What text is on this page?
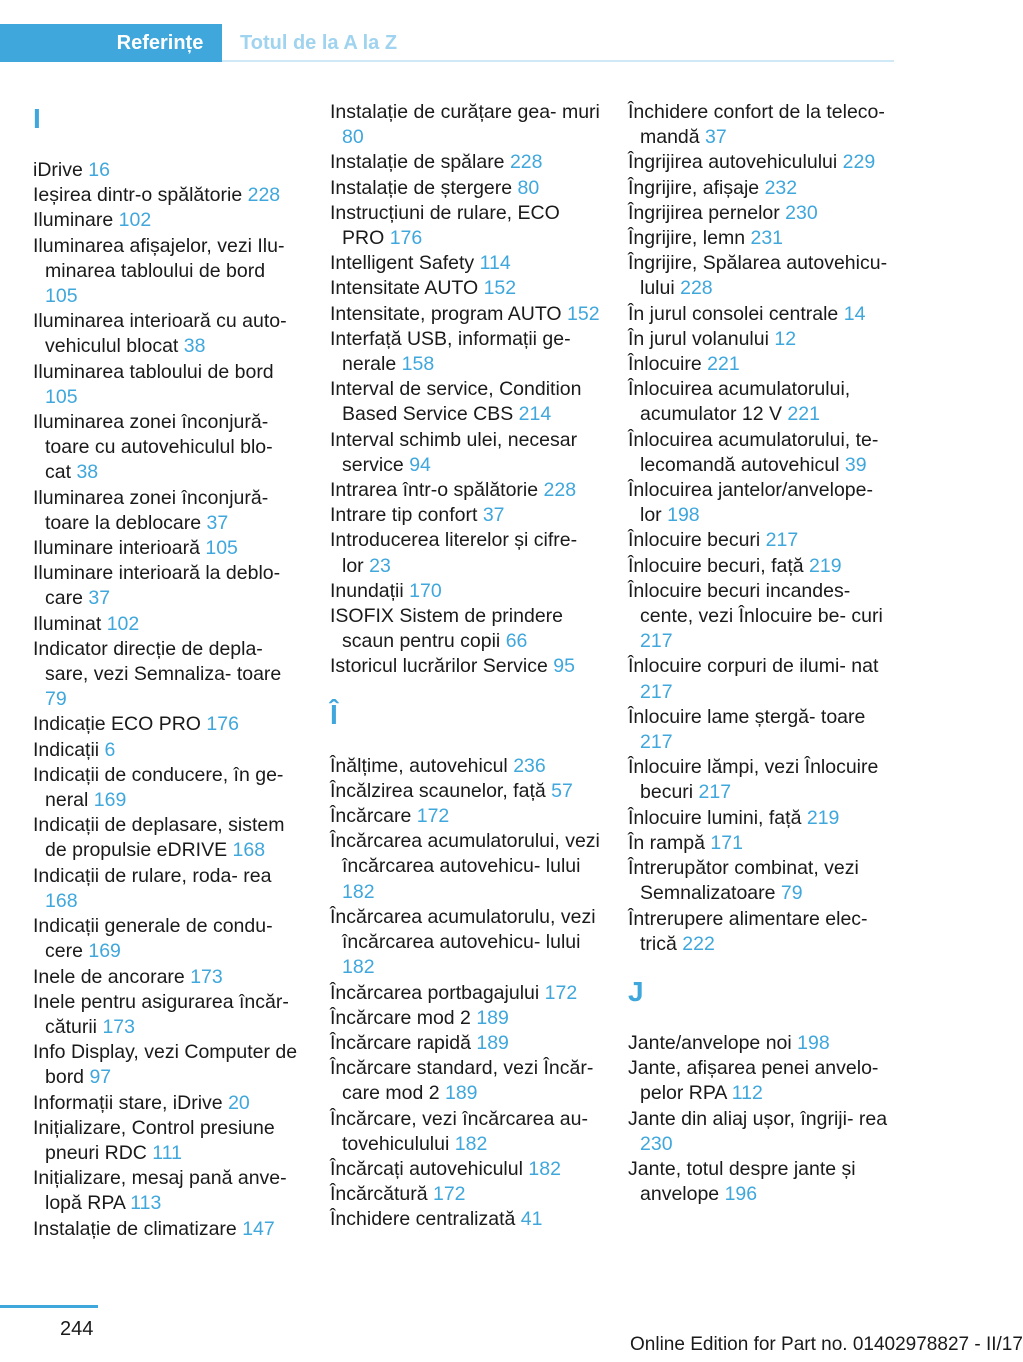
Referințe	Totul de la A la Z
I
iDrive 16
Ieșirea dintr-o spălătorie 228
Iluminare 102
Iluminarea afișajelor, vezi Ilu‐ minarea tabloului de bord 105
Iluminarea interioară cu auto‐ vehiculul blocat 38
Iluminarea tabloului de bord 105
Iluminarea zonei înconjură‐ toare cu autovehiculul blo‐ cat 38
Iluminarea zonei înconjură‐ toare la deblocare 37
Iluminare interioară 105
Iluminare interioară la deblo‐ care 37
Iluminat 102
Indicator direcție de depla‐ sare, vezi Semnaliza‐ toare 79
Indicație ECO PRO 176
Indicații 6
Indicații de conducere, în ge‐ neral 169
Indicații de deplasare, sistem de propulsie eDRIVE 168
Indicații de rulare, roda‐ rea 168
Indicații generale de condu‐ cere 169
Inele de ancorare 173
Inele pentru asigurarea încăr‐ căturii 173
Info Display, vezi Computer de bord 97
Informații stare, iDrive 20
Inițializare, Control presiune pneuri RDC 111
Inițializare, mesaj pană anve‐ lopă RPA 113
Instalație de climatizare 147
Instalație de curățare gea‐ muri 80
Instalație de spălare 228
Instalație de ștergere 80
Instrucțiuni de rulare, ECO PRO 176
Intelligent Safety 114
Intensitate AUTO 152
Intensitate, program AUTO 152
Interfață USB, informații ge‐ nerale 158
Interval de service, Condition Based Service CBS 214
Interval schimb ulei, necesar service 94
Intrarea într-o spălătorie 228
Intrare tip confort 37
Introducerea literelor și cifre‐ lor 23
Inundații 170
ISOFIX Sistem de prindere scaun pentru copii 66
Istoricul lucrărilor Service 95
Î
Înălțime, autovehicul 236
Încălzirea scaunelor, față 57
Încărcare 172
Încărcarea acumulatorului, vezi încărcarea autovehicu‐ lului 182
Încărcarea acumulatorulu, vezi încărcarea autovehicu‐ lului 182
Încărcarea portbagajului 172
Încărcare mod 2 189
Încărcare rapidă 189
Încărcare standard, vezi Încăr‐ care mod 2 189
Încărcare, vezi încărcarea au‐ tovehiculului 182
Încărcați autovehiculul 182
Încărcătură 172
Închidere centralizată 41
Închidere confort de la teleco‐ mandă 37
Îngrijirea autovehiculului 229
Îngrijire, afișaje 232
Îngrijirea pernelor 230
Îngrijire, lemn 231
Îngrijire, Spălarea autovehicu‐ lului 228
În jurul consolei centrale 14
În jurul volanului 12
Înlocuire 221
Înlocuirea acumulatorului, acumulator 12 V 221
Înlocuirea acumulatorului, te‐ lecomandă autovehicul 39
Înlocuirea jantelor/anvelope‐ lor 198
Înlocuire becuri 217
Înlocuire becuri, față 219
Înlocuire becuri incandes‐ cente, vezi Înlocuire be‐ curi 217
Înlocuire corpuri de ilumi‐ nat 217
Înlocuire lame ștergă‐ toare 217
Înlocuire lămpi, vezi Înlocuire becuri 217
Înlocuire lumini, față 219
În rampă 171
Întrerupător combinat, vezi Semnalizatoare 79
Întrerupere alimentare elec‐ trică 222
J
Jante/anvelope noi 198
Jante, afișarea penei anvelo‐ pelor RPA 112
Jante din aliaj ușor, îngriji‐ rea 230
Jante, totul despre jante și anvelope 196
244
Online Edition for Part no. 01402978827 - II/17
